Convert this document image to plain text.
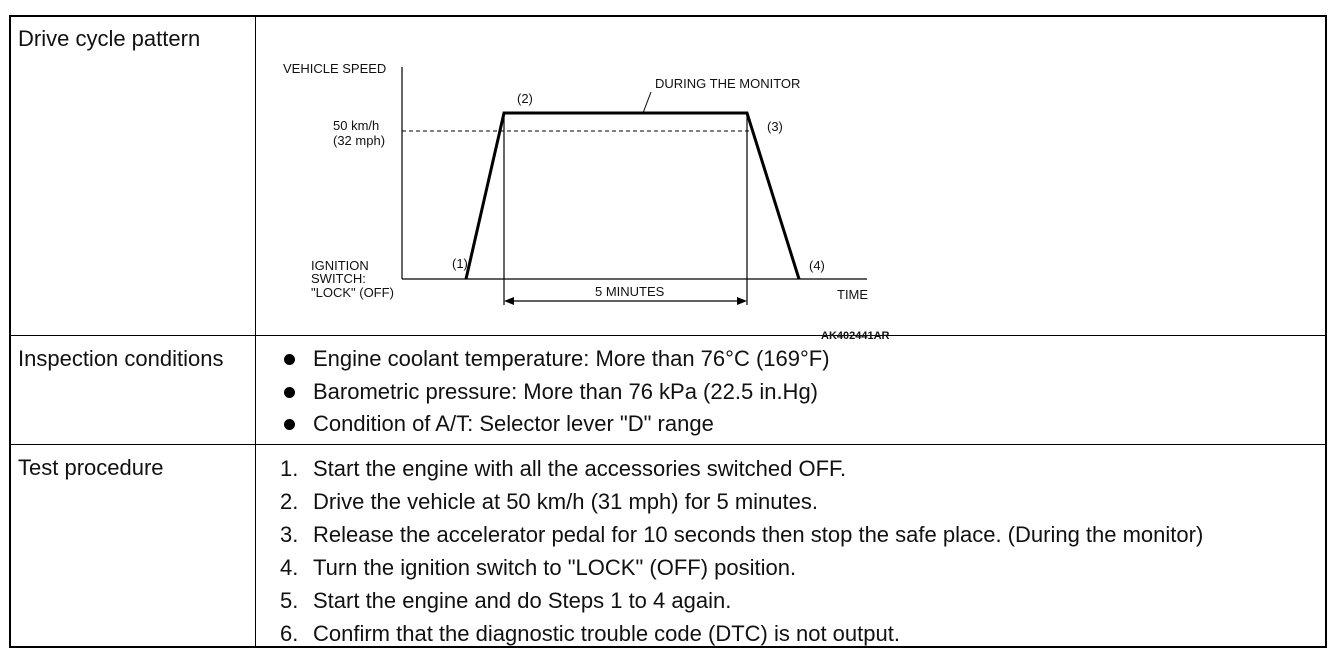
Drive cycle pattern
VEHICLE SPEED
50 km/h
(32 mph)
IGNITION
SWITCH:
"LOCK" (OFF)	TIME
5 MINUTES
DURING THE MONITOR
(1)
(2)
(3)
(4)
AK402441AR
Inspection conditions	Engine coolant temperature: More than 76°C (169°F)
Barometric pressure: More than 76 kPa (22.5 in.Hg)
Condition of A/T: Selector lever "D" range
Test procedure	1. Start the engine with all the accessories switched OFF.
2. Drive the vehicle at 50 km/h (31 mph) for 5 minutes.
3. Release the accelerator pedal for 10 seconds then stop the safe place. (During the monitor)
4. Turn the ignition switch to "LOCK" (OFF) position.
5. Start the engine and do Steps 1 to 4 again.
6. Confirm that the diagnostic trouble code (DTC) is not output.
